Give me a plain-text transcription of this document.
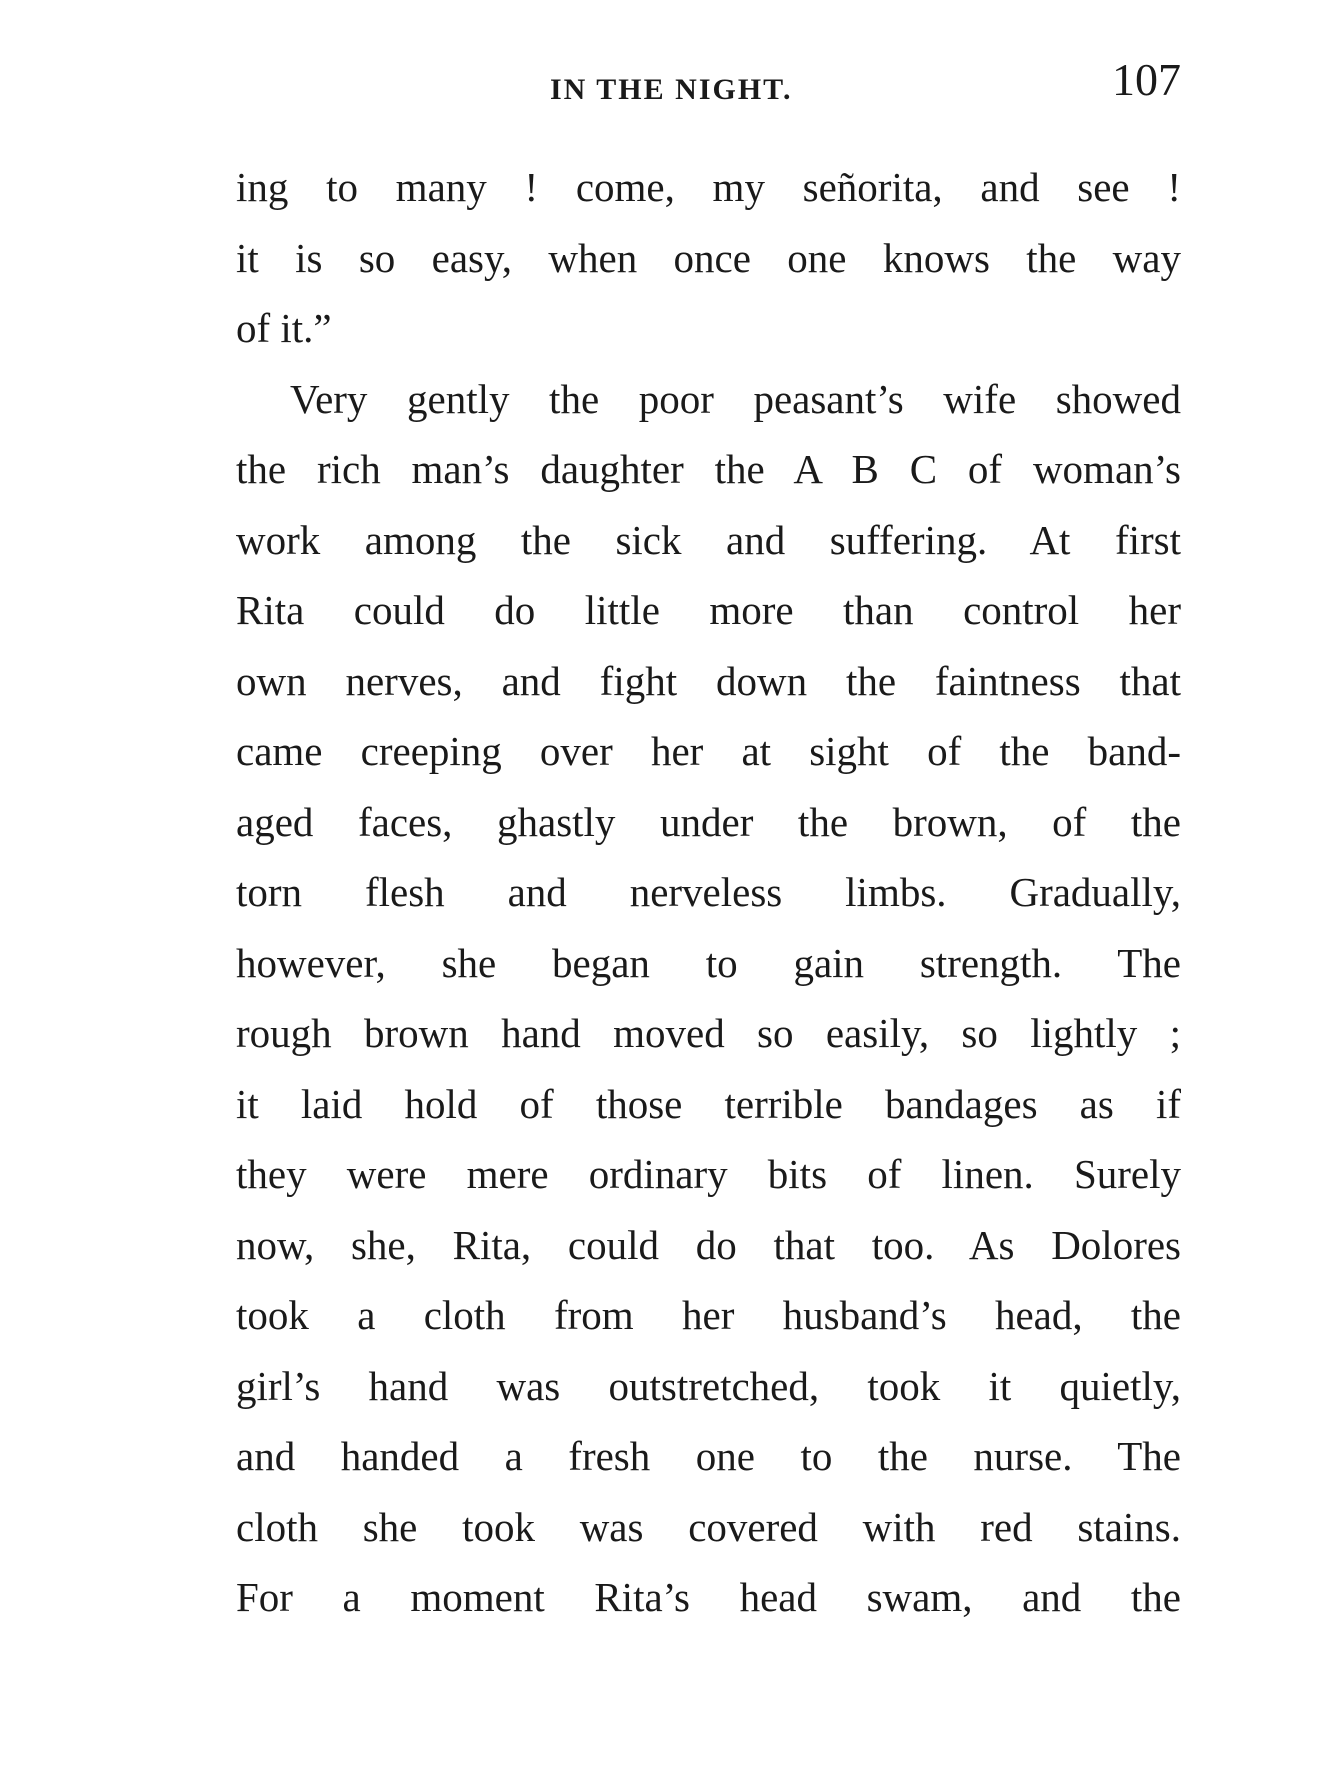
IN THE NIGHT.	107
ing to many ! come, my señorita, and see !
it is so easy, when once one knows the way
of it.”
Very gently the poor peasant’s wife showed
the rich man’s daughter the A B C of woman’s
work among the sick and suffering. At first
Rita could do little more than control her
own nerves, and fight down the faintness that
came creeping over her at sight of the band-
aged faces, ghastly under the brown, of the
torn flesh and nerveless limbs. Gradually,
however, she began to gain strength. The
rough brown hand moved so easily, so lightly ;
it laid hold of those terrible bandages as if
they were mere ordinary bits of linen. Surely
now, she, Rita, could do that too. As Dolores
took a cloth from her husband’s head, the
girl’s hand was outstretched, took it quietly,
and handed a fresh one to the nurse. The
cloth she took was covered with red stains.
For a moment Rita’s head swam, and the
